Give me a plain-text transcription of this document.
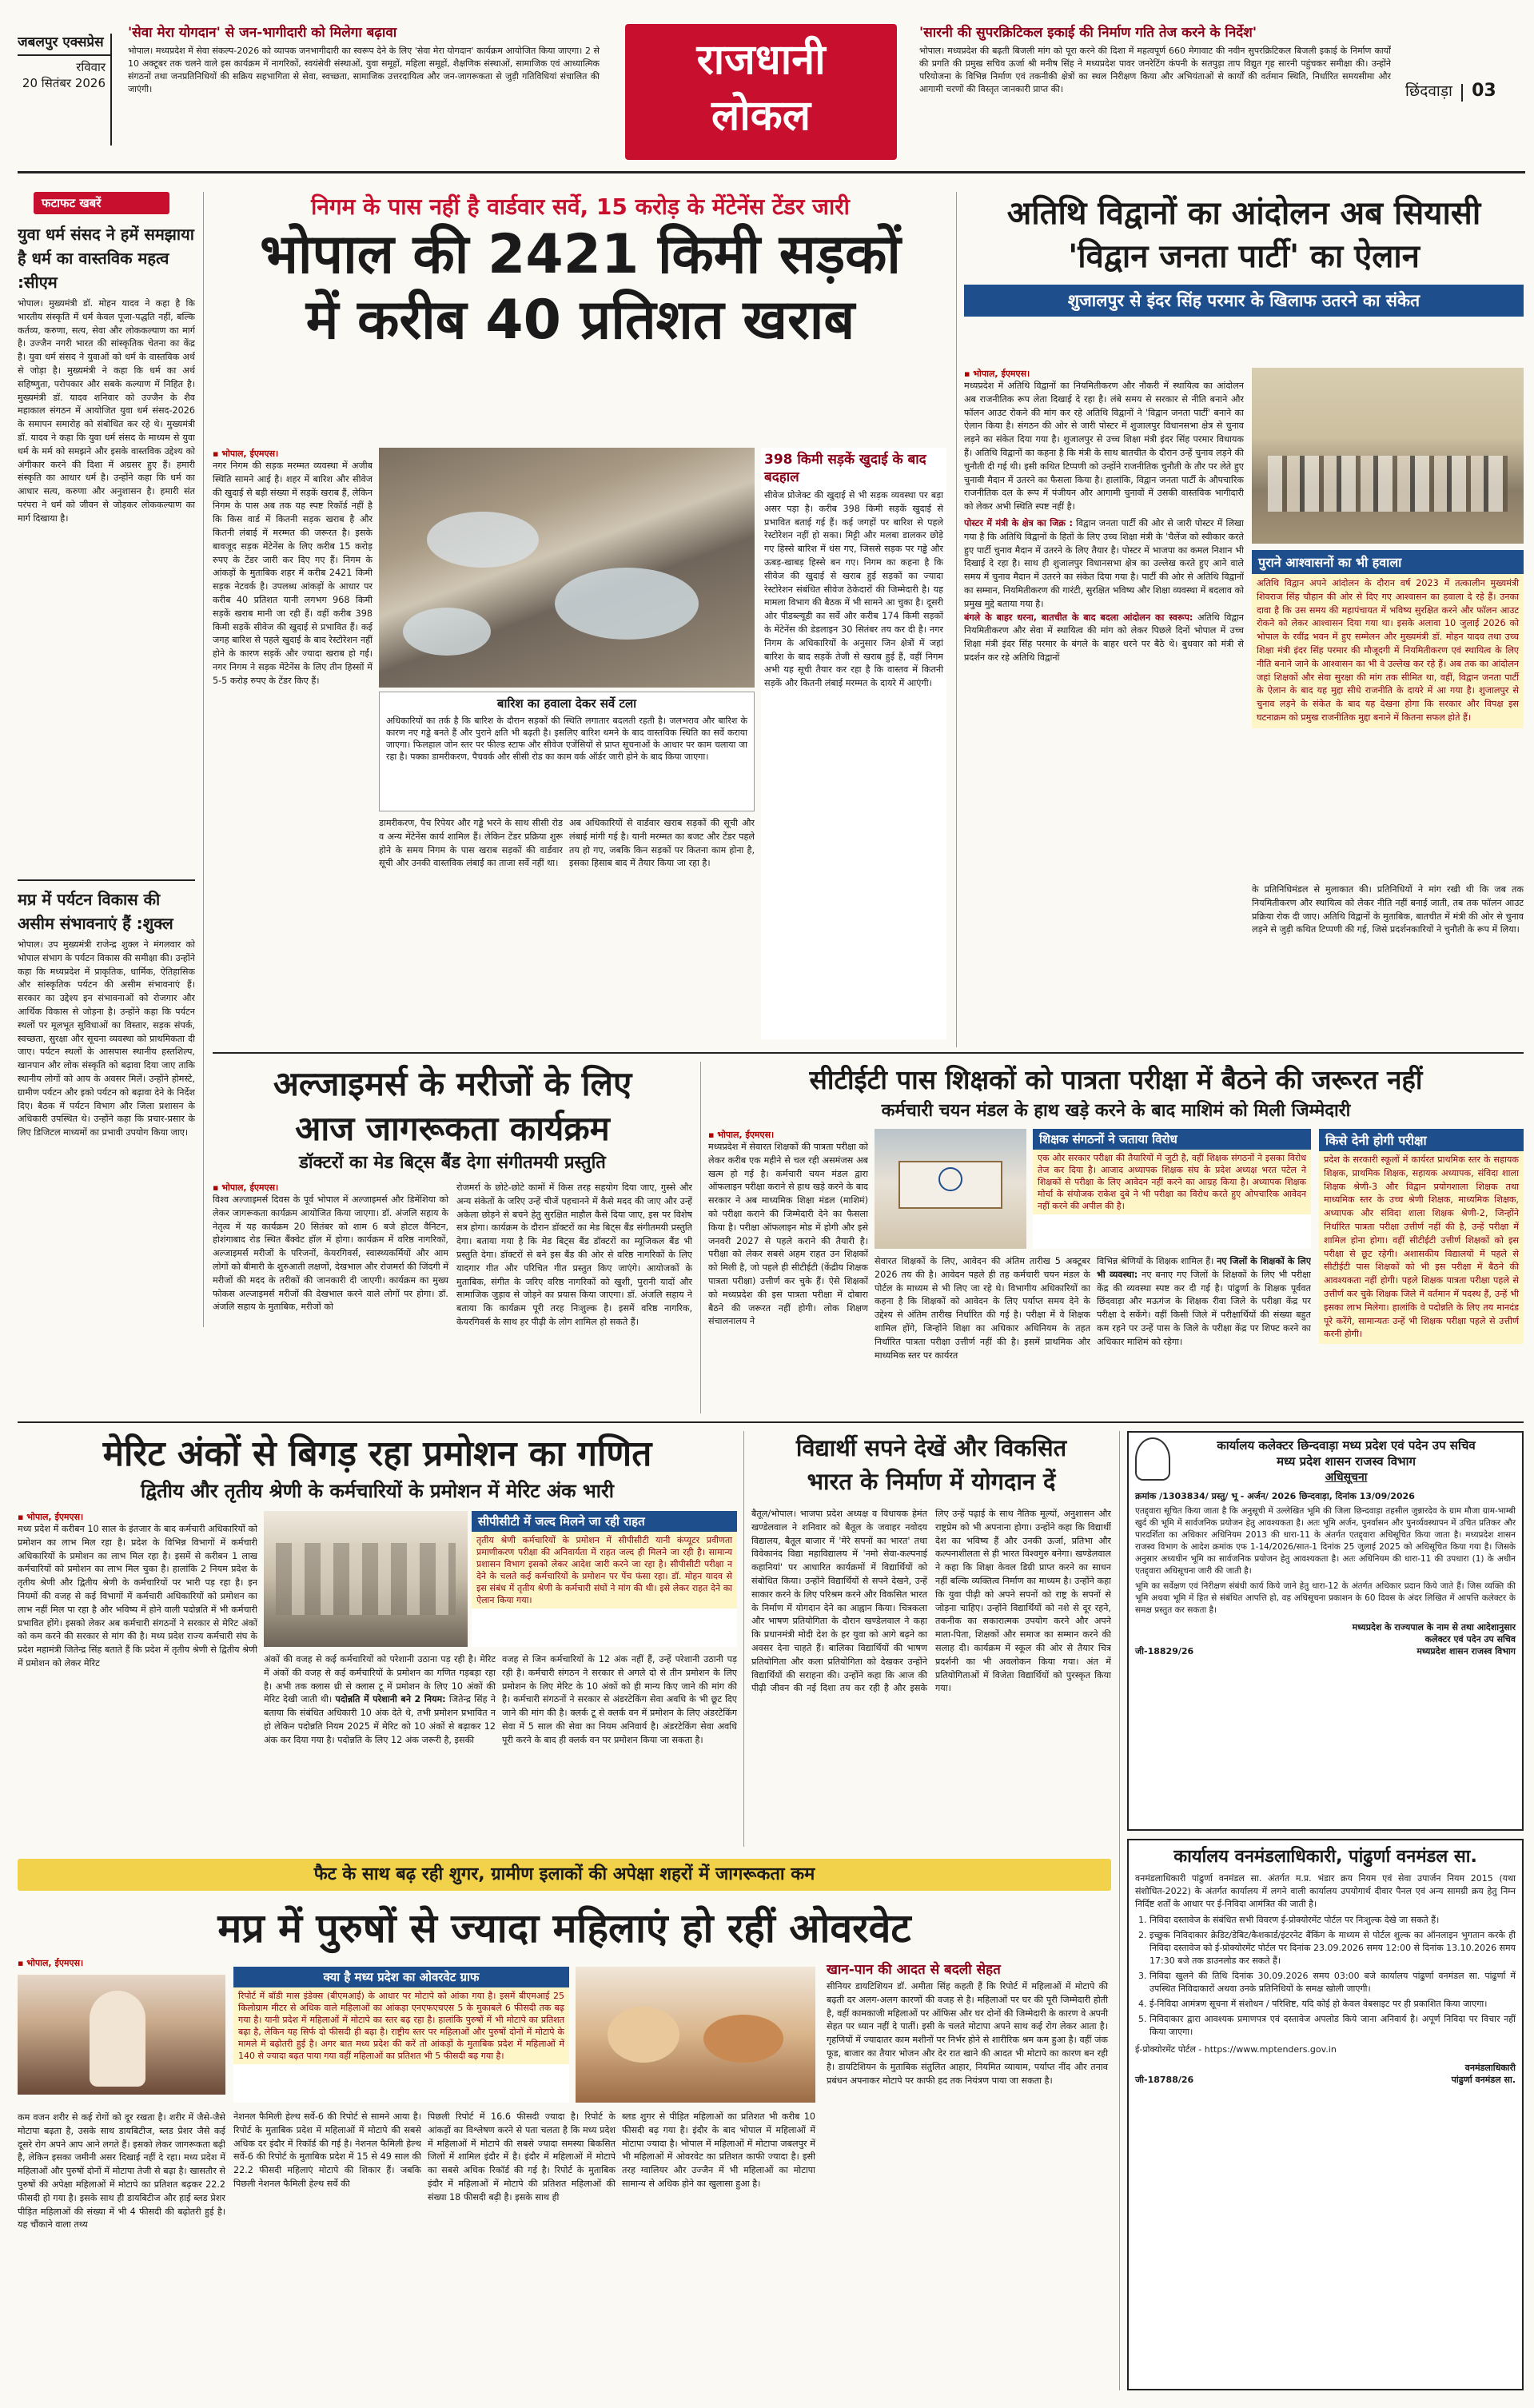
जबलपुर एक्सप्रेस
रविवार
20 सितंबर 2026
'सेवा मेरा योगदान' से जन-भागीदारी को मिलेगा बढ़ावा
भोपाल। मध्यप्रदेश में सेवा संकल्प-2026 को व्यापक जनभागीदारी का स्वरूप देने के लिए 'सेवा मेरा योगदान' कार्यक्रम आयोजित किया जाएगा। 2 से 10 अक्टूबर तक चलने वाले इस कार्यक्रम में नागरिकों, स्वयंसेवी संस्थाओं, युवा समूहों, महिला समूहों, शैक्षणिक संस्थाओं, सामाजिक एवं आध्यात्मिक संगठनों तथा जनप्रतिनिधियों की सक्रिय सहभागिता से सेवा, स्वच्छता, सामाजिक उत्तरदायित्व और जन-जागरूकता से जुड़ी गतिविधियां संचालित की जाएंगी।
राजधानी
लोकल
'सारनी की सुपरक्रिटिकल इकाई की निर्माण गति तेज करने के निर्देश'
भोपाल। मध्यप्रदेश की बढ़ती बिजली मांग को पूरा करने की दिशा में महत्वपूर्ण 660 मेगावाट की नवीन सुपरक्रिटिकल बिजली इकाई के निर्माण कार्यों की प्रगति की प्रमुख सचिव ऊर्जा श्री मनीष सिंह ने मध्यप्रदेश पावर जनरेटिंग कंपनी के सतपुड़ा ताप विद्युत गृह सारनी पहुंचकर समीक्षा की। उन्होंने परियोजना के विभिन्न निर्माण एवं तकनीकी क्षेत्रों का स्थल निरीक्षण किया और अभियंताओं से कार्यों की वर्तमान स्थिति, निर्धारित समयसीमा और आगामी चरणों की विस्तृत जानकारी प्राप्त की।	छिंदवाड़ा 03
फटाफट खबरें
युवा धर्म संसद ने हमें समझाया है धर्म का वास्तविक महत्व :सीएम
भोपाल। मुख्यमंत्री डॉ. मोहन यादव ने कहा है कि भारतीय संस्कृति में धर्म केवल पूजा-पद्धति नहीं, बल्कि कर्तव्य, करुणा, सत्य, सेवा और लोककल्याण का मार्ग है। उज्जैन नगरी भारत की सांस्कृतिक चेतना का केंद्र है। युवा धर्म संसद ने युवाओं को धर्म के वास्तविक अर्थ से जोड़ा है। मुख्यमंत्री ने कहा कि धर्म का अर्थ सहिष्णुता, परोपकार और सबके कल्याण में निहित है। मुख्यमंत्री डॉ. यादव शनिवार को उज्जैन के शैव महाकाल संगठन में आयोजित युवा धर्म संसद-2026 के समापन समारोह को संबोधित कर रहे थे। मुख्यमंत्री डॉ. यादव ने कहा कि युवा धर्म संसद के माध्यम से युवा धर्म के मर्म को समझने और इसके वास्तविक उद्देश्य को अंगीकार करने की दिशा में अग्रसर हुए हैं। हमारी संस्कृति का आधार धर्म है। उन्होंने कहा कि धर्म का आधार सत्य, करुणा और अनुशासन है। हमारी संत परंपरा ने धर्म को जीवन से जोड़कर लोककल्याण का मार्ग दिखाया है।
मप्र में पर्यटन विकास की असीम संभावनाएं हैं :शुक्ल
भोपाल। उप मुख्यमंत्री राजेन्द्र शुक्ल ने मंगलवार को भोपाल संभाग के पर्यटन विकास की समीक्षा की। उन्होंने कहा कि मध्यप्रदेश में प्राकृतिक, धार्मिक, ऐतिहासिक और सांस्कृतिक पर्यटन की असीम संभावनाएं हैं। सरकार का उद्देश्य इन संभावनाओं को रोजगार और आर्थिक विकास से जोड़ना है। उन्होंने कहा कि पर्यटन स्थलों पर मूलभूत सुविधाओं का विस्तार, सड़क संपर्क, स्वच्छता, सुरक्षा और सूचना व्यवस्था को प्राथमिकता दी जाए। पर्यटन स्थलों के आसपास स्थानीय हस्तशिल्प, खानपान और लोक संस्कृति को बढ़ावा दिया जाए ताकि स्थानीय लोगों को आय के अवसर मिलें। उन्होंने होमस्टे, ग्रामीण पर्यटन और इको पर्यटन को बढ़ावा देने के निर्देश दिए। बैठक में पर्यटन विभाग और जिला प्रशासन के अधिकारी उपस्थित थे। उन्होंने कहा कि प्रचार-प्रसार के लिए डिजिटल माध्यमों का प्रभावी उपयोग किया जाए।
निगम के पास नहीं है वार्डवार सर्वे, 15 करोड़ के मेंटेनेंस टेंडर जारी
भोपाल की 2421 किमी सड़कों
में करीब 40 प्रतिशत खराब
▪ भोपाल, ईएमएस।
नगर निगम की सड़क मरम्मत व्यवस्था में अजीब स्थिति सामने आई है। शहर में बारिश और सीवेज की खुदाई से बड़ी संख्या में सड़कें खराब हैं, लेकिन निगम के पास अब तक यह स्पष्ट रिकॉर्ड नहीं है कि किस वार्ड में कितनी सड़क खराब है और कितनी लंबाई में मरम्मत की जरूरत है। इसके बावजूद सड़क मेंटेनेंस के लिए करीब 15 करोड़ रुपए के टेंडर जारी कर दिए गए हैं। निगम के आंकड़ों के मुताबिक शहर में करीब 2421 किमी सड़क नेटवर्क है। उपलब्ध आंकड़ों के आधार पर करीब 40 प्रतिशत यानी लगभग 968 किमी सड़कें खराब मानी जा रही हैं। वहीं करीब 398 किमी सड़कें सीवेज की खुदाई से प्रभावित हैं। कई जगह बारिश से पहले खुदाई के बाद रेस्टोरेशन नहीं होने के कारण सड़कें और ज्यादा खराब हो गईं। नगर निगम ने सड़क मेंटेनेंस के लिए तीन हिस्सों में 5-5 करोड़ रुपए के टेंडर किए हैं।
बारिश का हवाला देकर सर्वे टला
अधिकारियों का तर्क है कि बारिश के दौरान सड़कों की स्थिति लगातार बदलती रहती है। जलभराव और बारिश के कारण नए गड्ढे बनते हैं और पुराने क्षति भी बढ़ती है। इसलिए बारिश थमने के बाद वास्तविक स्थिति का सर्वे कराया जाएगा। फिलहाल जोन स्तर पर फील्ड स्टाफ और सीवेज एजेंसियों से प्राप्त सूचनाओं के आधार पर काम चलाया जा रहा है। पक्का डामरीकरण, पैचवर्क और सीसी रोड का काम वर्क ऑर्डर जारी होने के बाद किया जाएगा।
डामरीकरण, पैच रिपेयर और गड्ढे भरने के साथ सीसी रोड व अन्य मेंटेनेंस कार्य शामिल हैं। लेकिन टेंडर प्रक्रिया शुरू होने के समय निगम के पास खराब सड़कों की वार्डवार सूची और उनकी वास्तविक लंबाई का ताजा सर्वे नहीं था।
अब अधिकारियों से वार्डवार खराब सड़कों की सूची और लंबाई मांगी गई है। यानी मरम्मत का बजट और टेंडर पहले तय हो गए, जबकि किन सड़कों पर कितना काम होना है, इसका हिसाब बाद में तैयार किया जा रहा है।
398 किमी सड़कें खुदाई के बाद बदहाल
सीवेज प्रोजेक्ट की खुदाई से भी सड़क व्यवस्था पर बड़ा असर पड़ा है। करीब 398 किमी सड़कें खुदाई से प्रभावित बताई गई हैं। कई जगहों पर बारिश से पहले रेस्टोरेशन नहीं हो सका। मिट्टी और मलबा डालकर छोड़े गए हिस्से बारिश में धंस गए, जिससे सड़क पर गड्ढे और ऊबड़-खाबड़ हिस्से बन गए। निगम का कहना है कि सीवेज की खुदाई से खराब हुई सड़कों का ज्यादा रेस्टोरेशन संबंधित सीवेज ठेकेदारों की जिम्मेदारी है। यह मामला विभाग की बैठक में भी सामने आ चुका है। दूसरी ओर पीडब्ल्यूडी का सर्वे और करीब 174 किमी सड़कों के मेंटेनेंस की डेडलाइन 30 सितंबर तय कर दी है। नगर निगम के अधिकारियों के अनुसार जिन क्षेत्रों में जहां बारिश के बाद सड़कें तेजी से खराब हुई हैं, वहीं निगम अभी यह सूची तैयार कर रहा है कि वास्तव में कितनी सड़कें और कितनी लंबाई मरम्मत के दायरे में आएंगी।
अतिथि विद्वानों का आंदोलन अब सियासी
'विद्वान जनता पार्टी' का ऐलान
शुजालपुर से इंदर सिंह परमार के खिलाफ उतरने का संकेत
▪ भोपाल, ईएमएस।
मध्यप्रदेश में अतिथि विद्वानों का नियमितीकरण और नौकरी में स्थायित्व का आंदोलन अब राजनीतिक रूप लेता दिखाई दे रहा है। लंबे समय से सरकार से नीति बनाने और फॉलन आउट रोकने की मांग कर रहे अतिथि विद्वानों ने 'विद्वान जनता पार्टी' बनाने का ऐलान किया है। संगठन की ओर से जारी पोस्टर में शुजालपुर विधानसभा क्षेत्र से चुनाव लड़ने का संकेत दिया गया है। शुजालपुर से उच्च शिक्षा मंत्री इंदर सिंह परमार विधायक हैं। अतिथि विद्वानों का कहना है कि मंत्री के साथ बातचीत के दौरान उन्हें चुनाव लड़ने की चुनौती दी गई थी। इसी कथित टिप्पणी को उन्होंने राजनीतिक चुनौती के तौर पर लेते हुए चुनावी मैदान में उतरने का फैसला किया है। हालांकि, विद्वान जनता पार्टी के औपचारिक राजनीतिक दल के रूप में पंजीयन और आगामी चुनावों में उसकी वास्तविक भागीदारी को लेकर अभी स्थिति स्पष्ट नहीं है।

पोस्टर में मंत्री के क्षेत्र का जिक्र : विद्वान जनता पार्टी की ओर से जारी पोस्टर में लिखा गया है कि अतिथि विद्वानों के हितों के लिए उच्च शिक्षा मंत्री के 'चैलेंज को स्वीकार करते हुए पार्टी चुनाव मैदान में उतरने के लिए तैयार है। पोस्टर में भाजपा का कमल निशान भी दिखाई दे रहा है। साथ ही शुजालपुर विधानसभा क्षेत्र का उल्लेख करते हुए आने वाले समय में चुनाव मैदान में उतरने का संकेत दिया गया है। पार्टी की ओर से अतिथि विद्वानों का सम्मान, नियमितीकरण की गारंटी, सुरक्षित भविष्य और शिक्षा व्यवस्था में बदलाव को प्रमुख मुद्दे बताया गया है।

बंगले के बाहर धरना, बातचीत के बाद बदला आंदोलन का स्वरूप: अतिथि विद्वान नियमितीकरण और सेवा में स्थायित्व की मांग को लेकर पिछले दिनों भोपाल में उच्च शिक्षा मंत्री इंदर सिंह परमार के बंगले के बाहर धरने पर बैठे थे। बुधवार को मंत्री से प्रदर्शन कर रहे अतिथि विद्वानों

पुराने आश्वासनों का भी हवाला
अतिथि विद्वान अपने आंदोलन के दौरान वर्ष 2023 में तत्कालीन मुख्यमंत्री शिवराज सिंह चौहान की ओर से दिए गए आश्वासन का हवाला दे रहे हैं। उनका दावा है कि उस समय की महापंचायत में भविष्य सुरक्षित करने और फॉलन आउट रोकने को लेकर आश्वासन दिया गया था। इसके अलावा 10 जुलाई 2026 को भोपाल के रवींद्र भवन में हुए सम्मेलन और मुख्यमंत्री डॉ. मोहन यादव तथा उच्च शिक्षा मंत्री इंदर सिंह परमार की मौजूदगी में नियमितीकरण एवं स्थायित्व के लिए नीति बनाने जाने के आश्वासन का भी वे उल्लेख कर रहे हैं। अब तक का आंदोलन जहां शिक्षकों और सेवा सुरक्षा की मांग तक सीमित था, वहीं, विद्वान जनता पार्टी के ऐलान के बाद यह मुद्दा सीधे राजनीति के दायरे में आ गया है। शुजालपुर से चुनाव लड़ने के संकेत के बाद यह देखना होगा कि सरकार और विपक्ष इस घटनाक्रम को प्रमुख राजनीतिक मुद्दा बनाने में कितना सफल होते हैं।
के प्रतिनिधिमंडल से मुलाकात की। प्रतिनिधियों ने मांग रखी थी कि जब तक नियमितीकरण और स्थायित्व को लेकर नीति नहीं बनाई जाती, तब तक फॉलन आउट प्रक्रिया रोक दी जाए। अतिथि विद्वानों के मुताबिक, बातचीत में मंत्री की ओर से चुनाव लड़ने से जुड़ी कथित टिप्पणी की गई, जिसे प्रदर्शनकारियों ने चुनौती के रूप में लिया।
अल्जाइमर्स के मरीजों के लिए
आज जागरूकता कार्यक्रम
डॉक्टरों का मेड बिट्स बैंड देगा संगीतमयी प्रस्तुति
▪ भोपाल, ईएमएस।
विश्व अल्जाइमर्स दिवस के पूर्व भोपाल में अल्जाइमर्स और डिमेंशिया को लेकर जागरूकता कार्यक्रम आयोजित किया जाएगा। डॉ. अंजलि सहाय के नेतृत्व में यह कार्यक्रम 20 सितंबर को शाम 6 बजे होटल वैनिटन, होशंगाबाद रोड स्थित बैंक्वेट हॉल में होगा। कार्यक्रम में वरिष्ठ नागरिकों, अल्जाइमर्स मरीजों के परिजनों, केयरगिवर्स, स्वास्थ्यकर्मियों और आम लोगों को बीमारी के शुरुआती लक्षणों, देखभाल और रोजमर्रा की जिंदगी में मरीजों की मदद के तरीकों की जानकारी दी जाएगी। कार्यक्रम का मुख्य फोकस अल्जाइमर्स मरीजों की देखभाल करने वाले लोगों पर होगा। डॉ. अंजलि सहाय के मुताबिक, मरीजों को
रोजमर्रा के छोटे-छोटे कामों में किस तरह सहयोग दिया जाए, गुस्से और अन्य संकेतों के जरिए उन्हें चीजें पहचानने में कैसे मदद की जाए और उन्हें अकेला छोड़ने से बचने हेतु सुरक्षित माहौल कैसे दिया जाए, इस पर विशेष सत्र होगा। कार्यक्रम के दौरान डॉक्टरों का मेड बिट्स बैंड संगीतमयी प्रस्तुति देगा। बताया गया है कि मेड बिट्स बैंड डॉक्टरों का म्यूजिकल बैंड भी प्रस्तुति देगा। डॉक्टरों से बने इस बैंड की ओर से वरिष्ठ नागरिकों के लिए यादगार गीत और परिचित गीत प्रस्तुत किए जाएंगे। आयोजकों के मुताबिक, संगीत के जरिए वरिष्ठ नागरिकों को खुशी, पुरानी यादों और सामाजिक जुड़ाव से जोड़ने का प्रयास किया जाएगा। डॉ. अंजलि सहाय ने बताया कि कार्यक्रम पूरी तरह निःशुल्क है। इसमें वरिष्ठ नागरिक, केयरगिवर्स के साथ हर पीढ़ी के लोग शामिल हो सकते हैं।
सीटीईटी पास शिक्षकों को पात्रता परीक्षा में बैठने की जरूरत नहीं
कर्मचारी चयन मंडल के हाथ खड़े करने के बाद माशिमं को मिली जिम्मेदारी
▪ भोपाल, ईएमएस।
मध्यप्रदेश में सेवारत शिक्षकों की पात्रता परीक्षा को लेकर करीब एक महीने से चल रही असमंजस अब खत्म हो गई है। कर्मचारी चयन मंडल द्वारा ऑफलाइन परीक्षा कराने से हाथ खड़े करने के बाद सरकार ने अब माध्यमिक शिक्षा मंडल (माशिमं) को परीक्षा कराने की जिम्मेदारी देने का फैसला किया है। परीक्षा ऑफलाइन मोड में होगी और इसे जनवरी 2027 से पहले कराने की तैयारी है। परीक्षा को लेकर सबसे अहम राहत उन शिक्षकों को मिली है, जो पहले ही सीटीईटी (केंद्रीय शिक्षक पात्रता परीक्षा) उत्तीर्ण कर चुके हैं। ऐसे शिक्षकों को मध्यप्रदेश की इस पात्रता परीक्षा में दोबारा बैठने की जरूरत नहीं होगी। लोक शिक्षण संचालनालय ने
शिक्षक संगठनों ने जताया विरोध
एक ओर सरकार परीक्षा की तैयारियों में जुटी है, वहीं शिक्षक संगठनों ने इसका विरोध तेज कर दिया है। आजाद अध्यापक शिक्षक संघ के प्रदेश अध्यक्ष भरत पटेल ने शिक्षकों से परीक्षा के लिए आवेदन नहीं करने का आग्रह किया है। अध्यापक शिक्षक मोर्चा के संयोजक राकेश दुबे ने भी परीक्षा का विरोध करते हुए ओपचारिक आवेदन नहीं करने की अपील की है।
सेवारत शिक्षकों के लिए, आवेदन की अंतिम तारीख 5 अक्टूबर 2026 तय की है। आवेदन पहले ही तह कर्मचारी चयन मंडल के पोर्टल के माध्यम से भी लिए जा रहे थे। विभागीय अधिकारियों का कहना है कि शिक्षकों को आवेदन के लिए पर्याप्त समय देने के उद्देश्य से अंतिम तारीख निर्धारित की गई है। परीक्षा में वे शिक्षक शामिल होंगे, जिन्होंने शिक्षा का अधिकार अधिनियम के तहत निर्धारित पात्रता परीक्षा उत्तीर्ण नहीं की है। इसमें प्राथमिक और माध्यमिक स्तर पर कार्यरत
विभिन्न श्रेणियों के शिक्षक शामिल हैं। नए जिलों के शिक्षकों के लिए भी व्यवस्था: नए बनाए गए जिलों के शिक्षकों के लिए भी परीक्षा केंद्र की व्यवस्था स्पष्ट कर दी गई है। पांढुर्णा के शिक्षक पूर्ववत छिंदवाड़ा और मऊगंज के शिक्षक रीवा जिले के परीक्षा केंद्र पर परीक्षा दे सकेंगे। वहीं किसी जिले में परीक्षार्थियों की संख्या बहुत कम रहने पर उन्हें पास के जिले के परीक्षा केंद्र पर शिफ्ट करने का अधिकार माशिमं को रहेगा।
किसे देनी होगी परीक्षा
प्रदेश के सरकारी स्कूलों में कार्यरत प्राथमिक स्तर के सहायक शिक्षक, प्राथमिक शिक्षक, सहायक अध्यापक, संविदा शाला शिक्षक श्रेणी-3 और विद्वान प्रयोगशाला शिक्षक तथा माध्यमिक स्तर के उच्च श्रेणी शिक्षक, माध्यमिक शिक्षक, अध्यापक और संविदा शाला शिक्षक श्रेणी-2, जिन्होंने निर्धारित पात्रता परीक्षा उत्तीर्ण नहीं की है, उन्हें परीक्षा में शामिल होना होगा। वहीं सीटीईटी उत्तीर्ण शिक्षकों को इस परीक्षा से छूट रहेगी। अशासकीय विद्यालयों में पहले से सीटीईटी पास शिक्षकों को भी इस परीक्षा में बैठने की आवश्यकता नहीं होगी। पहले शिक्षक पात्रता परीक्षा पहले से उत्तीर्ण कर चुके शिक्षक जिले में वर्तमान में पदस्थ हैं, उन्हें भी इसका लाभ मिलेगा। हालांकि वे पदोन्नति के लिए तय मानदंड पूरे करेंगे, सामान्यतः उन्हें भी शिक्षक परीक्षा पहले से उत्तीर्ण करनी होगी।
मेरिट अंकों से बिगड़ रहा प्रमोशन का गणित
द्वितीय और तृतीय श्रेणी के कर्मचारियों के प्रमोशन में मेरिट अंक भारी
▪ भोपाल, ईएमएस।
मध्य प्रदेश में करीबन 10 साल के इंतजार के बाद कर्मचारी अधिकारियों को प्रमोशन का लाभ मिल रहा है। प्रदेश के विभिन्न विभागों में कर्मचारी अधिकारियों के प्रमोशन का लाभ मिल रहा है। इसमें से करीबन 1 लाख कर्मचारियों को प्रमोशन का लाभ मिल चुका है। हालांकि 2 नियम प्रदेश के तृतीय श्रेणी और द्वितीय श्रेणी के कर्मचारियों पर भारी पड़ रहा है। इन नियमों की वजह से कई विभागों में कर्मचारी अधिकारियों को प्रमोशन का लाभ नहीं मिल पा रहा है और भविष्य में होने वाली पदोन्नति में भी कर्मचारी प्रभावित होंगे। इसको लेकर अब कर्मचारी संगठनों ने सरकार से मेरिट अंकों को कम करने की सरकार से मांग की है। मध्य प्रदेश राज्य कर्मचारी संघ के प्रदेश महामंत्री जितेन्द्र सिंह बताते हैं कि प्रदेश में तृतीय श्रेणी से द्वितीय श्रेणी में प्रमोशन को लेकर मेरिट
सीपीसीटी में जल्द मिलने जा रही राहत
तृतीय श्रेणी कर्मचारियों के प्रमोशन में सीपीसीटी यानी कंप्यूटर प्रवीणता प्रमाणीकरण परीक्षा की अनिवार्यता में राहत जल्द ही मिलने जा रही है। सामान्य प्रशासन विभाग इसको लेकर आदेश जारी करने जा रहा है। सीपीसीटी परीक्षा न देने के चलते कई कर्मचारियों के प्रमोशन पर पेंच फंसा रहा। डॉ. मोहन यादव से इस संबंध में तृतीय श्रेणी के कर्मचारी संघों ने मांग की थी। इसे लेकर राहत देने का ऐलान किया गया।
अंकों की वजह से कई कर्मचारियों को परेशानी उठाना पड़ रही है। मेरिट में अंकों की वजह से कई कर्मचारियों के प्रमोशन का गणित गड़बड़ा रहा है। अभी तक क्लास थ्री से क्लास टू में प्रमोशन के लिए 10 अंकों की मेरिट देखी जाती थी। पदोन्नति में परेशानी बने 2 नियम: जितेन्द्र सिंह ने बताया कि संबंधित अधिकारी 10 अंक देते थे, तभी प्रमोशन प्रभावित न हो लेकिन पदोन्नति नियम 2025 में मेरिट को 10 अंकों से बढ़ाकर 12 अंक कर दिया गया है। पदोन्नति के लिए 12 अंक जरूरी है, इसकी
वजह से जिन कर्मचारियों के 12 अंक नहीं हैं, उन्हें परेशानी उठानी पड़ रही है। कर्मचारी संगठन ने सरकार से अगले दो से तीन प्रमोशन के लिए प्रमोशन के लिए मेरिट के 10 अंकों को ही मान्य किए जाने की मांग की है। कर्मचारी संगठनों ने सरकार से अंडरटेकिंग सेवा अवधि के भी छूट दिए जाने की मांग की है। क्लर्क टू से क्लर्क वन में प्रमोशन के लिए अंडरटेकिंग सेवा में 5 साल की सेवा का नियम अनिवार्य है। अंडरटेकिंग सेवा अवधि पूरी करने के बाद ही क्लर्क वन पर प्रमोशन किया जा सकता है।
विद्यार्थी सपने देखें और विकसित
भारत के निर्माण में योगदान दें
बैतूल/भोपाल। भाजपा प्रदेश अध्यक्ष व विधायक हेमंत खण्डेलवाल ने शनिवार को बैतूल के जवाहर नवोदय विद्यालय, बैतूल बाजार में 'मेरे सपनों का भारत' तथा विवेकानंद विद्या महाविद्यालय में 'नमो सेवा-कल्पनाई कहानियां' पर आधारित कार्यक्रमों में विद्यार्थियों को संबोधित किया। उन्होंने विद्यार्थियों से सपने देखने, उन्हें साकार करने के लिए परिश्रम करने और विकसित भारत के निर्माण में योगदान देने का आह्वान किया। चित्रकला और भाषण प्रतियोगिता के दौरान खण्डेलवाल ने कहा कि प्रधानमंत्री मोदी देश के हर युवा को आगे बढ़ने का अवसर देना चाहते हैं। बालिका विद्यार्थियों की भाषण प्रतियोगिता और कला प्रतियोगिता को देखकर उन्होंने विद्यार्थियों की सराहना की। उन्होंने कहा कि आज की पीढ़ी जीवन की नई दिशा तय कर रही है और इसके लिए उन्हें पढ़ाई के साथ नैतिक मूल्यों, अनुशासन और राष्ट्रप्रेम को भी अपनाना होगा। उन्होंने कहा कि विद्यार्थी देश का भविष्य हैं और उनकी ऊर्जा, प्रतिभा और कल्पनाशीलता से ही भारत विश्वगुरु बनेगा। खण्डेलवाल ने कहा कि शिक्षा केवल डिग्री प्राप्त करने का साधन नहीं बल्कि व्यक्तित्व निर्माण का माध्यम है। उन्होंने कहा कि युवा पीढ़ी को अपने सपनों को राष्ट्र के सपनों से जोड़ना चाहिए। उन्होंने विद्यार्थियों को नशे से दूर रहने, तकनीक का सकारात्मक उपयोग करने और अपने माता-पिता, शिक्षकों और समाज का सम्मान करने की सलाह दी। कार्यक्रम में स्कूल की ओर से तैयार चित्र प्रदर्शनी का भी अवलोकन किया गया। अंत में प्रतियोगिताओं में विजेता विद्यार्थियों को पुरस्कृत किया गया।
कार्यालय कलेक्टर छिन्दवाड़ा मध्य प्रदेश एवं पदेन उप सचिव
मध्य प्रदेश शासन राजस्व विभाग
अधिसूचना
क्रमांक /1303834/ प्रस्तु/ भू - अर्जन/ 2026 छिन्दवाड़ा, दिनांक 13/09/2026
एतद्द्वारा सूचित किया जाता है कि अनुसूची में उल्लेखित भूमि की जिला छिन्दवाड़ा तहसील जुन्नारदेव के ग्राम मौजा ग्राम-भाम्बी खुर्द की भूमि में सार्वजनिक प्रयोजन हेतु आवश्यकता है। अतः भूमि अर्जन, पुनर्वासन और पुनर्व्यवस्थापन में उचित प्रतिकर और पारदर्शिता का अधिकार अधिनियम 2013 की धारा-11 के अंतर्गत एतद्द्वारा अधिसूचित किया जाता है। मध्यप्रदेश शासन राजस्व विभाग के आदेश क्रमांक एफ 1-14/2026/सात-1 दिनांक 25 जुलाई 2025 को अधिसूचित किया गया है। जिसके अनुसार अध्यधीन भूमि का सार्वजनिक प्रयोजन हेतु आवश्यकता है। अतः अधिनियम की धारा-11 की उपधारा (1) के अधीन एतद्द्वारा अधिसूचना जारी की जाती है।
भूमि का सर्वेक्षण एवं निरीक्षण संबंधी कार्य किये जाने हेतु धारा-12 के अंतर्गत अधिकार प्रदान किये जाते हैं। जिस व्यक्ति की भूमि अथवा भूमि में हित से संबंधित आपत्ति हो, वह अधिसूचना प्रकाशन के 60 दिवस के अंदर लिखित में आपत्ति कलेक्टर के समक्ष प्रस्तुत कर सकता है।
मध्यप्रदेश के राज्यपाल के नाम से तथा आदेशानुसार
कलेक्टर एवं पदेन उप सचिव
जी-18829/26	मध्यप्रदेश शासन राजस्व विभाग
कार्यालय वनमंडलाधिकारी, पांढुर्णा वनमंडल सा.
वनमंडलाधिकारी पांढुर्णा वनमंडल सा. अंतर्गत म.प्र. भंडार क्रय नियम एवं सेवा उपार्जन नियम 2015 (यथा संशोधित-2022) के अंतर्गत कार्यालय में लगने वाली कार्यालय उपयोगार्थ दीवार पैनल एवं अन्य सामग्री क्रय हेतु निम्न निर्दिष्ट शर्तों के आधार पर ई-निविदा आमंत्रित की जाती है।
1. निविदा दस्तावेज के संबंधित सभी विवरण ई-प्रोक्योरमेंट पोर्टल पर निःशुल्क देखे जा सकते हैं।
2. इच्छुक निविदाकार क्रेडिट/डेबिट/कैशकार्ड/इंटरनेट बैंकिंग के माध्यम से पोर्टल शुल्क का ऑनलाइन भुगतान करके ही निविदा दस्तावेज को ई-प्रोक्योरमेंट पोर्टल पर दिनांक 23.09.2026 समय 12:00 से दिनांक 13.10.2026 समय 17:30 बजे तक डाउनलोड कर सकते हैं।
3. निविदा खुलने की तिथि दिनांक 30.09.2026 समय 03:00 बजे कार्यालय पांढुर्णा वनमंडल सा. पांढुर्णा में उपस्थित निविदाकारों अथवा उनके प्रतिनिधियों के समक्ष खोली जाएगी।
4. ई-निविदा आमंत्रण सूचना में संशोधन / परिशिष्ट, यदि कोई हो केवल वेबसाइट पर ही प्रकाशित किया जाएगा।
5. निविदाकार द्वारा आवश्यक प्रमाणपत्र एवं दस्तावेज अपलोड किये जाना अनिवार्य है। अपूर्ण निविदा पर विचार नहीं किया जाएगा।
ई-प्रोक्योरमेंट पोर्टल - https://www.mptenders.gov.in
वनमंडलाधिकारी
जी-18788/26	पांढुर्णा वनमंडल सा.
फैट के साथ बढ़ रही शुगर, ग्रामीण इलाकों की अपेक्षा शहरों में जागरूकता कम
मप्र में पुरुषों से ज्यादा महिलाएं हो रहीं ओवरवेट
▪ भोपाल, ईएमएस।
कम वजन शरीर से कई रोगों को दूर रखता है। शरीर में जैसे-जैसे मोटापा बढ़ता है, उसके साथ डायबिटीज, ब्लड प्रेशर जैसे कई दूसरे रोग अपने आप आने लगते हैं। इसको लेकर जागरूकता बढ़ी है, लेकिन इसका जमीनी असर दिखाई नहीं दे रहा। मध्य प्रदेश में महिलाओं और पुरुषों दोनों में मोटापा तेजी से बढ़ा है। खासतौर से पुरुषों की अपेक्षा महिलाओं में मोटापे का प्रतिशत बढ़कर 22.2 फीसदी हो गया है। इसके साथ ही डायबिटीज और हाई ब्लड प्रेशर पीड़ित महिलाओं की संख्या में भी 4 फीसदी की बढ़ोतरी हुई है। यह चौंकाने वाला तथ्य
क्या है मध्य प्रदेश का ओवरवेट ग्राफ
रिपोर्ट में बॉडी मास इंडेक्स (बीएमआई) के आधार पर मोटापे को आंका गया है। इसमें बीएमआई 25 किलोग्राम मीटर से अधिक वाले महिलाओं का आंकड़ा एनएफएचएस 5 के मुकाबले 6 फीसदी तक बढ़ गया है। यानी प्रदेश में महिलाओं में मोटापे का स्तर बढ़ रहा है। हालांकि पुरुषों में भी मोटापे का प्रतिशत बढ़ा है, लेकिन यह सिर्फ दो फीसदी ही बढ़ा है। राष्ट्रीय स्तर पर महिलाओं और पुरुषों दोनों में मोटापे के मामले में बढ़ोतरी हुई है। अगर बात मध्य प्रदेश की करें तो आंकड़ों के मुताबिक प्रदेश में महिलाओं में 140 से ज्यादा बढ़त पाया गया वहीं महिलाओं का प्रतिशत भी 5 फीसदी बढ़ गया है।
खान-पान की आदत से बदली सेहत
सीनियर डायटिशियन डॉ. अमीता सिंह कहती हैं कि रिपोर्ट में महिलाओं में मोटापे की बढ़ती दर अलग-अलग कारणों की वजह से है। महिलाओं पर घर की पूरी जिम्मेदारी होती है, वहीं कामकाजी महिलाओं पर ऑफिस और घर दोनों की जिम्मेदारी के कारण वे अपनी सेहत पर ध्यान नहीं दे पातीं। इसी के चलते मोटापा अपने साथ कई रोग लेकर आता है। गृहणियों में ज्यादातर काम मशीनों पर निर्भर होने से शारीरिक श्रम कम हुआ है। वहीं जंक फूड, बाजार का तैयार भोजन और देर रात खाने की आदत भी मोटापे का कारण बन रही है। डायटिशियन के मुताबिक संतुलित आहार, नियमित व्यायाम, पर्याप्त नींद और तनाव प्रबंधन अपनाकर मोटापे पर काफी हद तक नियंत्रण पाया जा सकता है।
नेशनल फैमिली हेल्थ सर्वे-6 की रिपोर्ट से सामने आया है। रिपोर्ट के मुताबिक प्रदेश में महिलाओं में मोटापे की सबसे अधिक दर इंदौर में रिकॉर्ड की गई है। नेशनल फैमिली हेल्थ सर्वे-6 की रिपोर्ट के मुताबिक प्रदेश में 15 से 49 साल की 22.2 फीसदी महिलाएं मोटापे की शिकार हैं। जबकि पिछली नेशनल फैमिली हेल्थ सर्वे की
पिछली रिपोर्ट में 16.6 फीसदी ज्यादा है। रिपोर्ट के आंकड़ों का विश्लेषण करने से पता चलता है कि मध्य प्रदेश में महिलाओं में मोटापे की सबसे ज्यादा समस्या बिकसित जिलों में शामिल इंदौर में है। इंदौर में महिलाओं में मोटापे का सबसे अधिक रिकॉर्ड की गई है। रिपोर्ट के मुताबिक इंदौर में महिलाओं में मोटापे की प्रतिशत महिलाओं की संख्या 18 फीसदी बढ़ी है। इसके साथ ही
ब्लड शुगर से पीड़ित महिलाओं का प्रतिशत भी करीब 10 फीसदी बढ़ गया है। इंदौर के बाद भोपाल में महिलाओं में मोटापा ज्यादा है। भोपाल में महिलाओं में मोटापा जबलपुर में भी महिलाओं में ओवरवेट का प्रतिशत काफी ज्यादा है। इसी तरह ग्वालियर और उज्जैन में भी महिलाओं का मोटापा सामान्य से अधिक होने का खुलासा हुआ है।
